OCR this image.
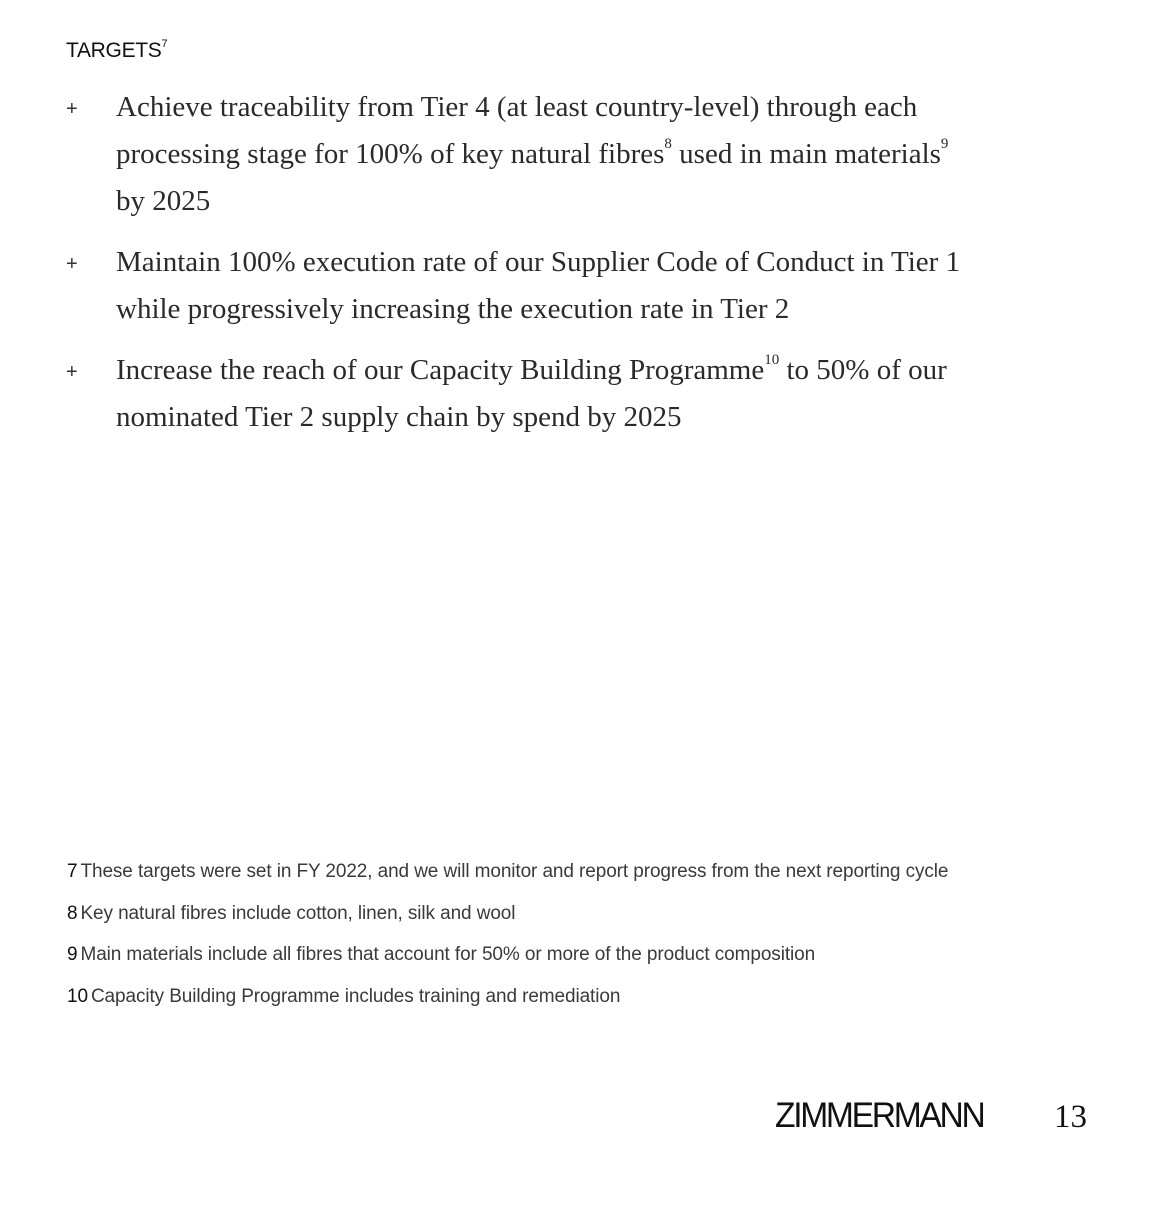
$TARGETS^7$
+ Achieve traceability from Tier 4 (at least country-level) through each processing stage for 100% of key natural fibres$^8$ used in main materials$^9$
by 2025
+ Maintain 100% execution rate of our Supplier Code of Conduct in Tier 1 while progressively increasing the execution rate in Tier 2
+ Increase the reach of our Capacity Building Programme$^{10}$ to 50% of our nominated Tier 2 supply chain by spend by 2025
7 These targets were set in FY 2022, and we will monitor and report progress from the next reporting cycle
8 Key natural fibres include cotton, linen, silk and wool
9 Main materials include all fibres that account for 50% or more of the product composition
10 Capacity Building Programme includes training and remediation
ZIMMERMANN 13
